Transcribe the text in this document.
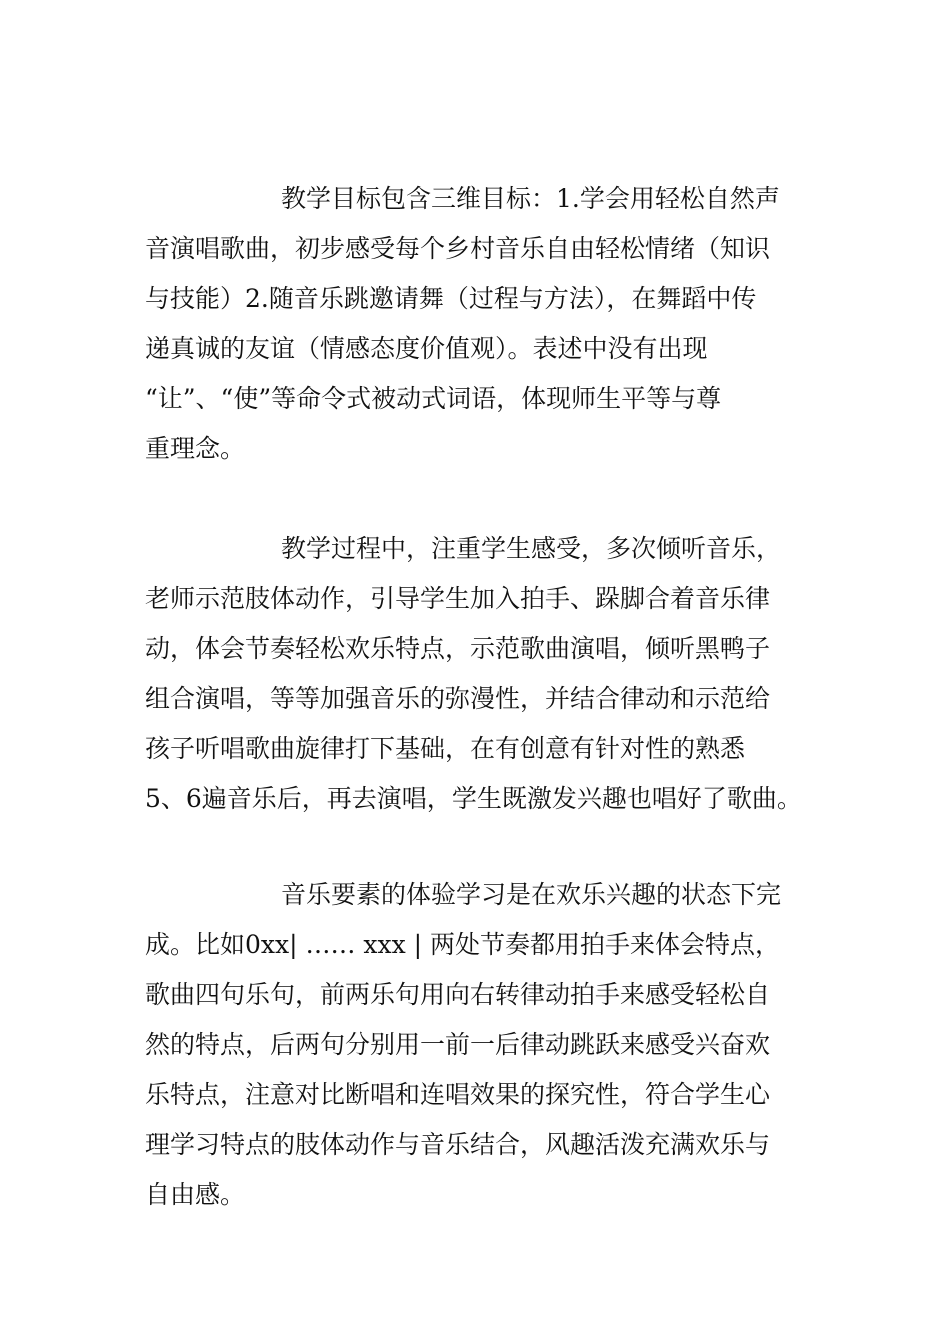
教学目标包含三维目标：1.学会用轻松自然声
音演唱歌曲，初步感受每个乡村音乐自由轻松情绪（知识
与技能）2.随音乐跳邀请舞（过程与方法），在舞蹈中传
递真诚的友谊（情感态度价值观）。表述中没有出现
“让”、“使”等命令式被动式词语，体现师生平等与尊
重理念。
教学过程中，注重学生感受，多次倾听音乐，
老师示范肢体动作，引导学生加入拍手、跺脚合着音乐律
动，体会节奏轻松欢乐特点，示范歌曲演唱，倾听黑鸭子
组合演唱，等等加强音乐的弥漫性，并结合律动和示范给
孩子听唱歌曲旋律打下基础，在有创意有针对性的熟悉
5、6遍音乐后，再去演唱，学生既激发兴趣也唱好了歌曲。
音乐要素的体验学习是在欢乐兴趣的状态下完
成。比如0xx| …… xxx | 两处节奏都用拍手来体会特点，
歌曲四句乐句，前两乐句用向右转律动拍手来感受轻松自
然的特点，后两句分别用一前一后律动跳跃来感受兴奋欢
乐特点，注意对比断唱和连唱效果的探究性，符合学生心
理学习特点的肢体动作与音乐结合，风趣活泼充满欢乐与
自由感。
